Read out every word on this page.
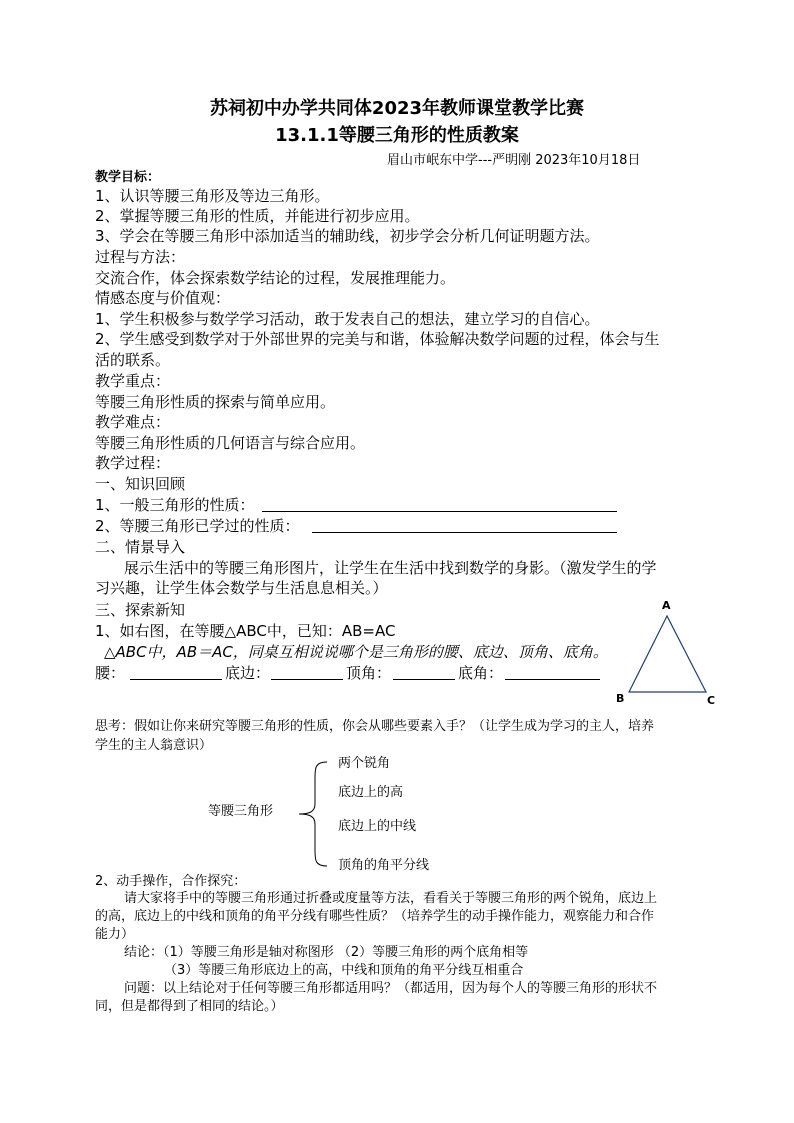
苏祠初中办学共同体2023年教师课堂教学比赛
13.1.1等腰三角形的性质教案
眉山市岷东中学---严明刚 2023年10月18日
教学目标：
1、认识等腰三角形及等边三角形。
2、掌握等腰三角形的性质，并能进行初步应用。
3、学会在等腰三角形中添加适当的辅助线，初步学会分析几何证明题方法。
过程与方法：
交流合作，体会探索数学结论的过程，发展推理能力。
情感态度与价值观：
1、学生积极参与数学学习活动，敢于发表自己的想法，建立学习的自信心。
2、学生感受到数学对于外部世界的完美与和谐，体验解决数学问题的过程，体会与生
活的联系。
教学重点：
等腰三角形性质的探索与简单应用。
教学难点：
等腰三角形性质的几何语言与综合应用。
教学过程：
一、知识回顾
1、一般三角形的性质：
2、等腰三角形已学过的性质：
二、情景导入
展示生活中的等腰三角形图片，让学生在生活中找到数学的身影。（激发学生的学
习兴趣，让学生体会数学与生活息息相关。）
三、探索新知
1、如右图，在等腰△ABC中，已知：AB=AC
△ABC中，AB＝AC，同桌互相说说哪个是三角形的腰、底边、顶角、底角。
腰：	底边：	顶角：	底角：
A
B	C
思考：假如让你来研究等腰三角形的性质，你会从哪些要素入手？（让学生成为学习的主人，培养
学生的主人翁意识）
等腰三角形
两个锐角
底边上的高
底边上的中线
顶角的角平分线
2、动手操作，合作探究：
请大家将手中的等腰三角形通过折叠或度量等方法，看看关于等腰三角形的两个锐角，底边上
的高，底边上的中线和顶角的角平分线有哪些性质？（培养学生的动手操作能力，观察能力和合作
能力）
结论：（1）等腰三角形是轴对称图形 （2）等腰三角形的两个底角相等
（3）等腰三角形底边上的高，中线和顶角的角平分线互相重合
问题：以上结论对于任何等腰三角形都适用吗？（都适用，因为每个人的等腰三角形的形状不
同，但是都得到了相同的结论。）
